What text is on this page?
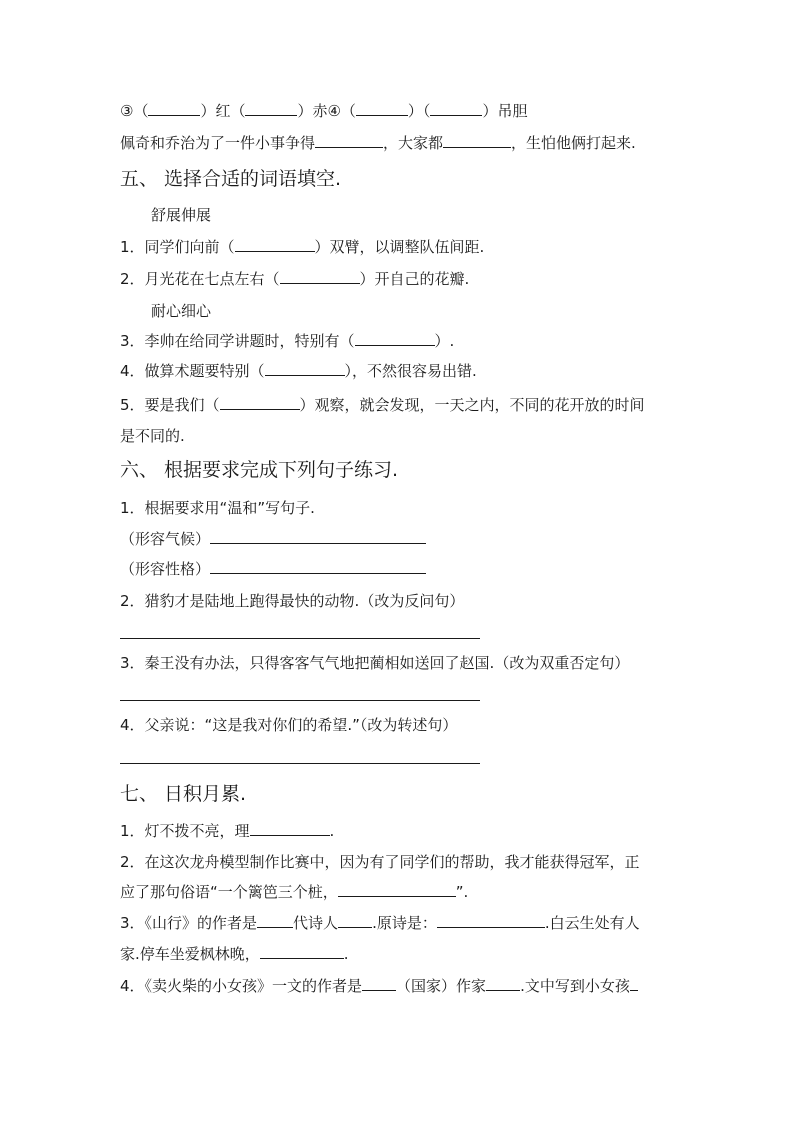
③（	）红（	）赤④（	）（	）吊胆
佩奇和乔治为了一件小事争得	，大家都	，生怕他俩打起来.
五、 选择合适的词语填空.
舒展伸展
1．同学们向前（	）双臂，以调整队伍间距.
2．月光花在七点左右（	）开自己的花瓣.
耐心细心
3．李帅在给同学讲题时，特别有（	）.
4．做算术题要特别（	），不然很容易出错.
5．要是我们（	）观察，就会发现，一天之内，不同的花开放的时间
是不同的.
六、 根据要求完成下列句子练习.
1．根据要求用“温和”写句子.
（形容气候）
（形容性格）
2．猎豹才是陆地上跑得最快的动物.（改为反问句）
3．秦王没有办法，只得客客气气地把蔺相如送回了赵国.（改为双重否定句）
4．父亲说：“这是我对你们的希望.”（改为转述句）
七、 日积月累.
1．灯不拨不亮，理	.
2．在这次龙舟模型制作比赛中，因为有了同学们的帮助，我才能获得冠军，正
应了那句俗语“一个篱笆三个桩，	”.
3．《山行》的作者是 代诗人 .原诗是：	.白云生处有人
家.停车坐爱枫林晚，	.
4．《卖火柴的小女孩》一文的作者是 （国家）作家 .文中写到小女孩
